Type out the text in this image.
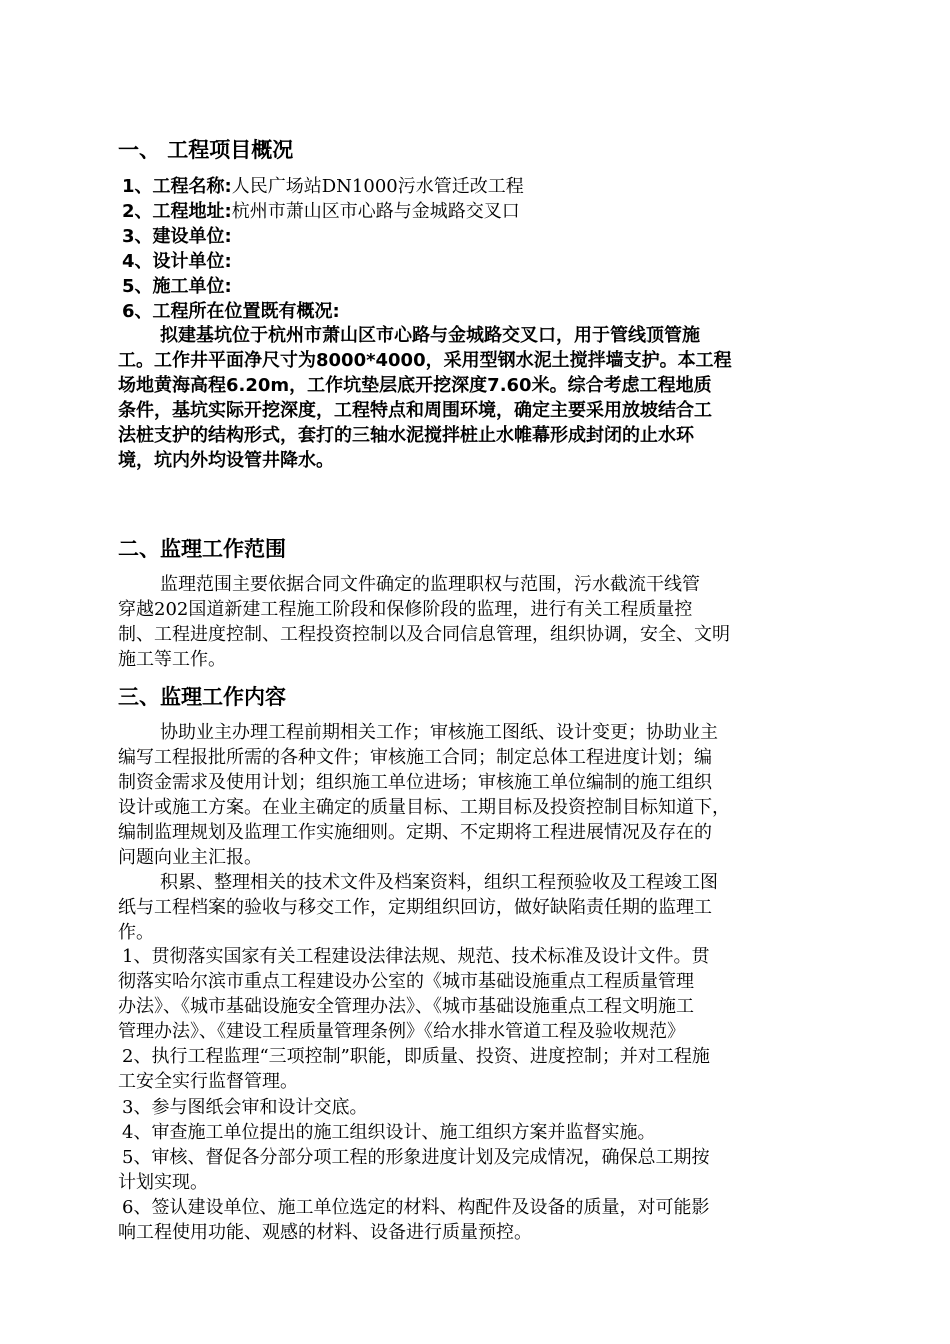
一、 工程项目概况
1、工程名称:人民广场站DN1000污水管迁改工程
2、工程地址:杭州市萧山区市心路与金城路交叉口
3、建设单位:
4、设计单位:
5、施工单位:
6、工程所在位置既有概况:
拟建基坑位于杭州市萧山区市心路与金城路交叉口，用于管线顶管施
工。工作井平面净尺寸为8000*4000，采用型钢水泥土搅拌墙支护。本工程
场地黄海高程6.20m，工作坑垫层底开挖深度7.60米。综合考虑工程地质
条件，基坑实际开挖深度，工程特点和周围环境，确定主要采用放坡结合工
法桩支护的结构形式，套打的三轴水泥搅拌桩止水帷幕形成封闭的止水环
境，坑内外均设管井降水。
二、监理工作范围
监理范围主要依据合同文件确定的监理职权与范围，污水截流干线管
穿越202国道新建工程施工阶段和保修阶段的监理，进行有关工程质量控
制、工程进度控制、工程投资控制以及合同信息管理，组织协调，安全、文明
施工等工作。
三、监理工作内容
协助业主办理工程前期相关工作；审核施工图纸、设计变更；协助业主
编写工程报批所需的各种文件；审核施工合同；制定总体工程进度计划；编
制资金需求及使用计划；组织施工单位进场；审核施工单位编制的施工组织
设计或施工方案。在业主确定的质量目标、工期目标及投资控制目标知道下，
编制监理规划及监理工作实施细则。定期、不定期将工程进展情况及存在的
问题向业主汇报。
积累、整理相关的技术文件及档案资料，组织工程预验收及工程竣工图
纸与工程档案的验收与移交工作，定期组织回访，做好缺陷责任期的监理工
作。
1、贯彻落实国家有关工程建设法律法规、规范、技术标准及设计文件。贯
彻落实哈尔滨市重点工程建设办公室的《城市基础设施重点工程质量管理
办法》、《城市基础设施安全管理办法》、《城市基础设施重点工程文明施工
管理办法》、《建设工程质量管理条例》《给水排水管道工程及验收规范》
2、执行工程监理“三项控制”职能，即质量、投资、进度控制；并对工程施
工安全实行监督管理。
3、参与图纸会审和设计交底。
4、审查施工单位提出的施工组织设计、施工组织方案并监督实施。
5、审核、督促各分部分项工程的形象进度计划及完成情况，确保总工期按
计划实现。
6、签认建设单位、施工单位选定的材料、构配件及设备的质量，对可能影
响工程使用功能、观感的材料、设备进行质量预控。
